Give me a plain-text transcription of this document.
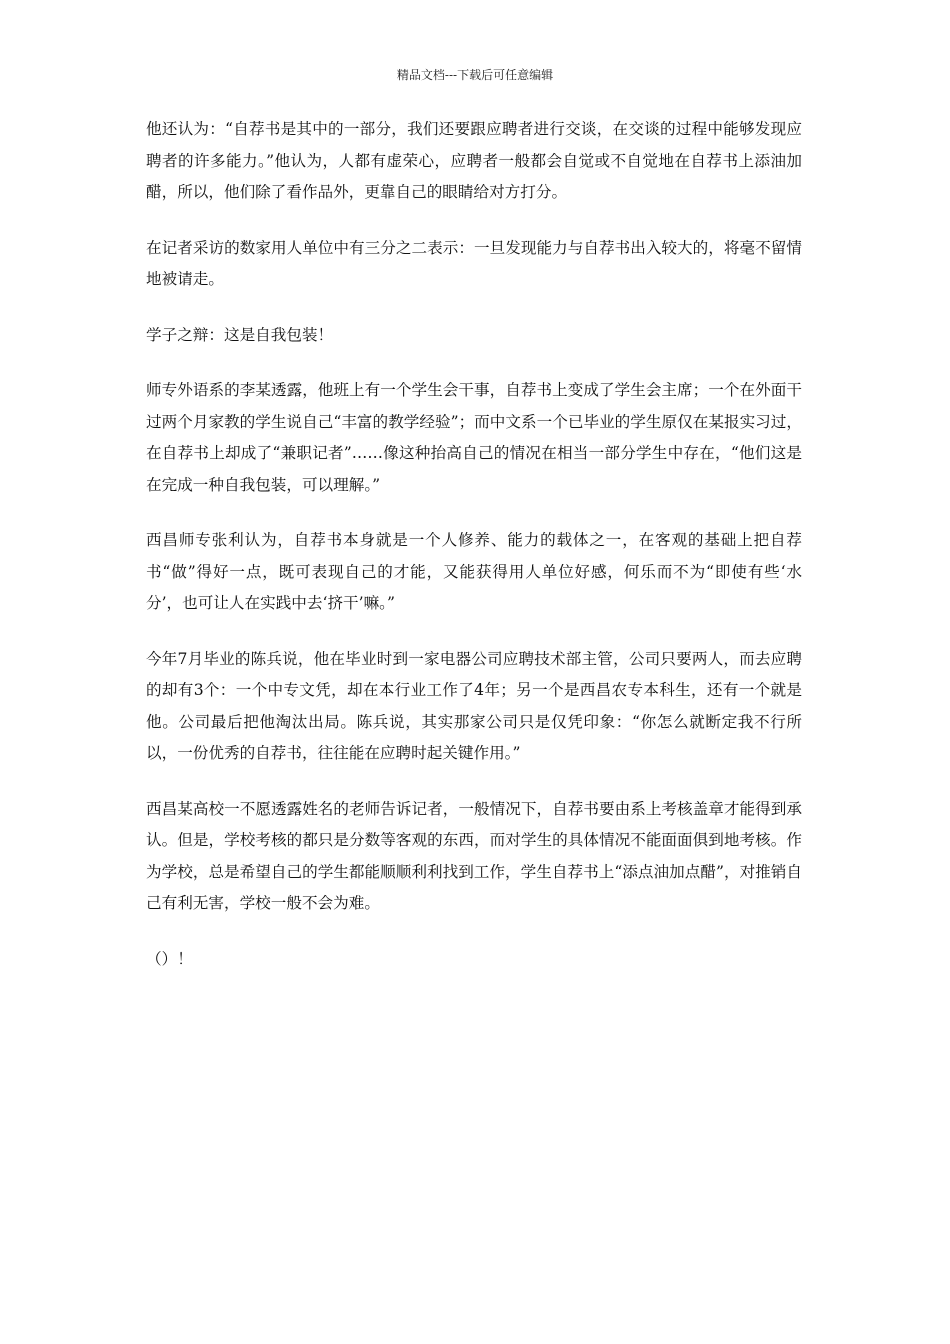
精品文档---下载后可任意编辑

他还认为：“自荐书是其中的一部分，我们还要跟应聘者进行交谈，在交谈的过程中能够发现应聘者的许多能力。”他认为，人都有虚荣心，应聘者一般都会自觉或不自觉地在自荐书上添油加醋，所以，他们除了看作品外，更靠自己的眼睛给对方打分。

在记者采访的数家用人单位中有三分之二表示：一旦发现能力与自荐书出入较大的，将毫不留情地被请走。

学子之辩：这是自我包装！

师专外语系的李某透露，他班上有一个学生会干事，自荐书上变成了学生会主席；一个在外面干过两个月家教的学生说自己“丰富的教学经验”；而中文系一个已毕业的学生原仅在某报实习过，在自荐书上却成了“兼职记者”……像这种抬高自己的情况在相当一部分学生中存在，“他们这是在完成一种自我包装，可以理解。”

西昌师专张利认为，自荐书本身就是一个人修养、能力的载体之一，在客观的基础上把自荐书“做”得好一点，既可表现自己的才能，又能获得用人单位好感，何乐而不为“即使有些‘水分’，也可让人在实践中去‘挤干’嘛。”

今年7月毕业的陈兵说，他在毕业时到一家电器公司应聘技术部主管，公司只要两人，而去应聘的却有3个：一个中专文凭，却在本行业工作了4年；另一个是西昌农专本科生，还有一个就是他。公司最后把他淘汰出局。陈兵说，其实那家公司只是仅凭印象：“你怎么就断定我不行所以，一份优秀的自荐书，往往能在应聘时起关键作用。”

西昌某高校一不愿透露姓名的老师告诉记者，一般情况下，自荐书要由系上考核盖章才能得到承认。但是，学校考核的都只是分数等客观的东西，而对学生的具体情况不能面面俱到地考核。作为学校，总是希望自己的学生都能顺顺利利找到工作，学生自荐书上“添点油加点醋”，对推销自己有利无害，学校一般不会为难。

（）！
